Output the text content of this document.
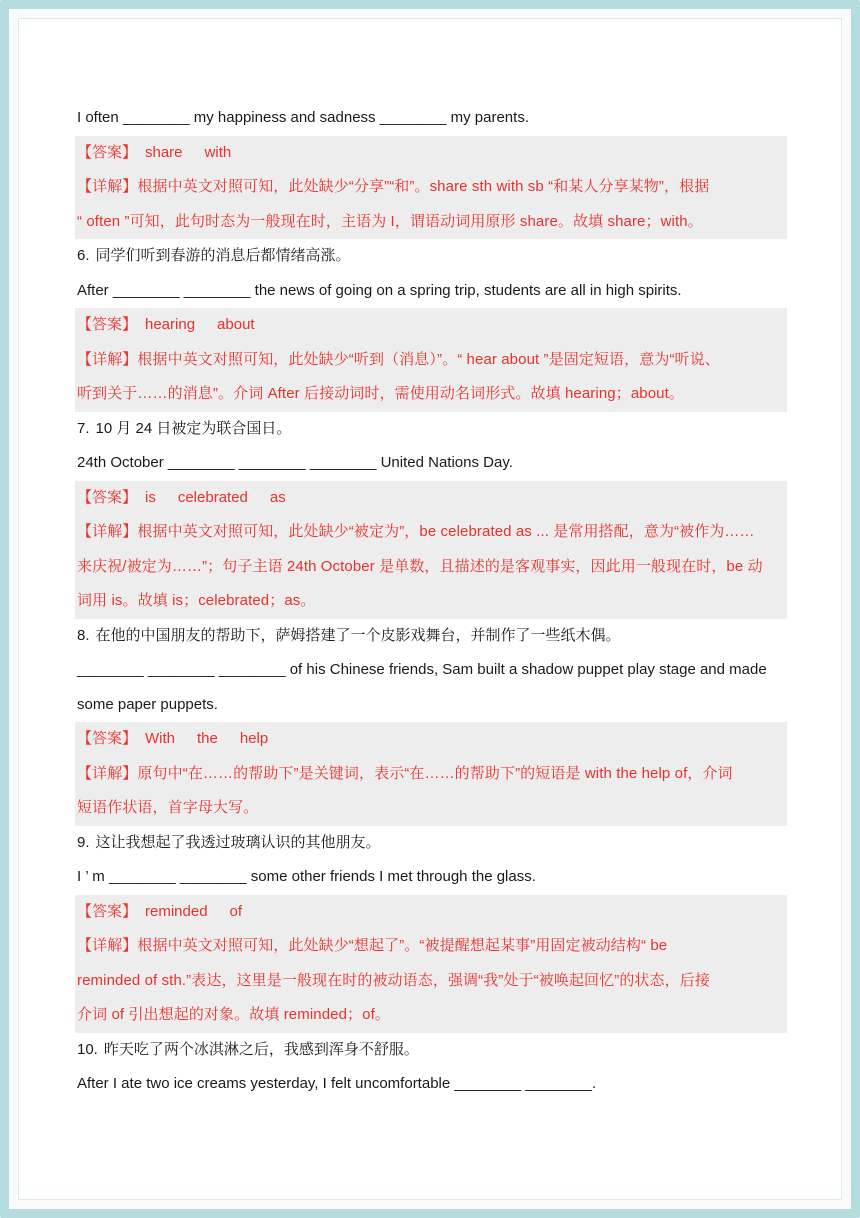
I often ________ my happiness and sadness ________ my parents.
【答案】 share with
【详解】根据中英文对照可知，此处缺少“分享”“和”。share sth with sb “和某人分享某物”，根据
“ often ”可知，此句时态为一般现在时，主语为 I，谓语动词用原形 share。故填 share；with。
6. 同学们听到春游的消息后都情绪高涨。
After ________ ________ the news of going on a spring trip, students are all in high spirits.
【答案】 hearing about
【详解】根据中英文对照可知，此处缺少“听到（消息）”。“ hear about ”是固定短语，意为“听说、
听到关于……的消息”。介词 After 后接动词时，需使用动名词形式。故填 hearing；about。
7. 10 月 24 日被定为联合国日。
24th October ________ ________ ________ United Nations Day.
【答案】 is celebrated as
【详解】根据中英文对照可知，此处缺少“被定为”，be celebrated as ... 是常用搭配，意为“被作为……
来庆祝/被定为……”；句子主语 24th October 是单数，且描述的是客观事实，因此用一般现在时，be 动
词用 is。故填 is；celebrated；as。
8. 在他的中国朋友的帮助下，萨姆搭建了一个皮影戏舞台，并制作了一些纸木偶。
________ ________ ________ of his Chinese friends, Sam built a shadow puppet play stage and made
some paper puppets.
【答案】 With the help
【详解】原句中“在……的帮助下”是关键词，表示“在……的帮助下”的短语是 with the help of，介词
短语作状语，首字母大写。
9. 这让我想起了我透过玻璃认识的其他朋友。
I ’ m ________ ________ some other friends I met through the glass.
【答案】 reminded of
【详解】根据中英文对照可知，此处缺少“想起了”。“被提醒想起某事”用固定被动结构“ be
reminded of sth.”表达，这里是一般现在时的被动语态，强调“我”处于“被唤起回忆”的状态，后接
介词 of 引出想起的对象。故填 reminded；of。
10. 昨天吃了两个冰淇淋之后，我感到浑身不舒服。
After I ate two ice creams yesterday, I felt uncomfortable ________ ________.
